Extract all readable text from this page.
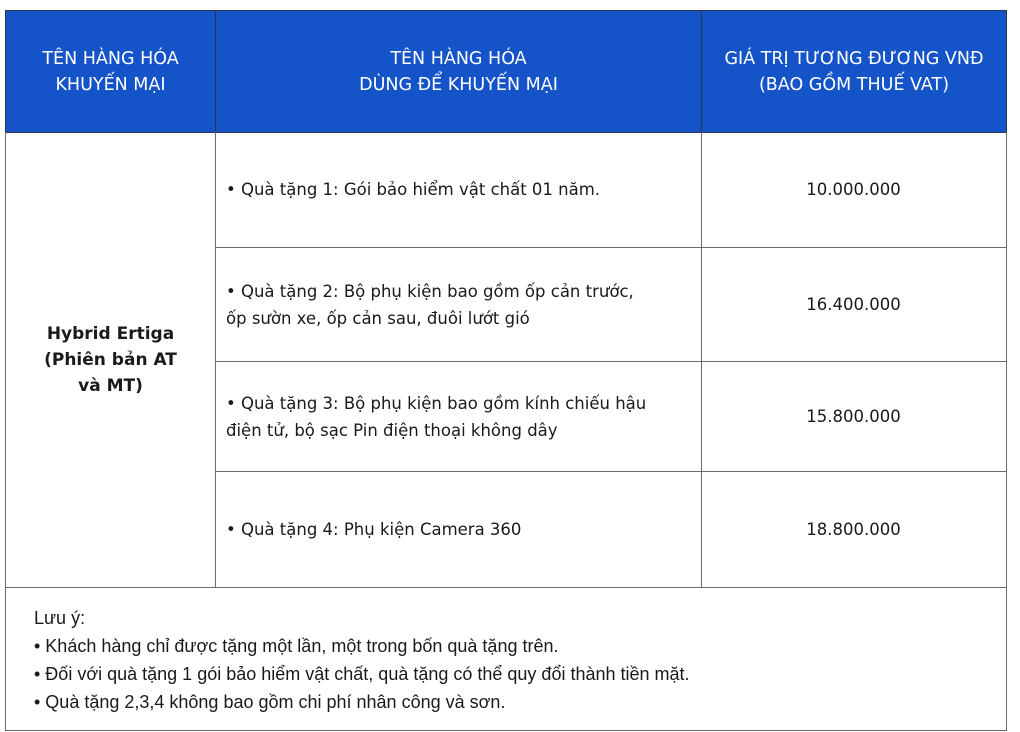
TÊN HÀNG HÓA
KHUYẾN MẠI
TÊN HÀNG HÓA
DÙNG ĐỂ KHUYẾN MẠI
GIÁ TRỊ TƯƠNG ĐƯƠNG VNĐ
(BAO GỒM THUẾ VAT)
Hybrid Ertiga
(Phiên bản AT
và MT)
• Quà tặng 1: Gói bảo hiểm vật chất 01 năm.	10.000.000
• Quà tặng 2: Bộ phụ kiện bao gồm ốp cản trước,
ốp sườn xe, ốp cản sau, đuôi lướt gió
16.400.000
• Quà tặng 3: Bộ phụ kiện bao gồm kính chiếu hậu
điện tử, bộ sạc Pin điện thoại không dây
15.800.000
• Quà tặng 4: Phụ kiện Camera 360	18.800.000
Lưu ý:
• Khách hàng chỉ được tặng một lần, một trong bốn quà tặng trên.
• Đối với quà tặng 1 gói bảo hiểm vật chất, quà tặng có thể quy đổi thành tiền mặt.
• Quà tặng 2,3,4 không bao gồm chi phí nhân công và sơn.
